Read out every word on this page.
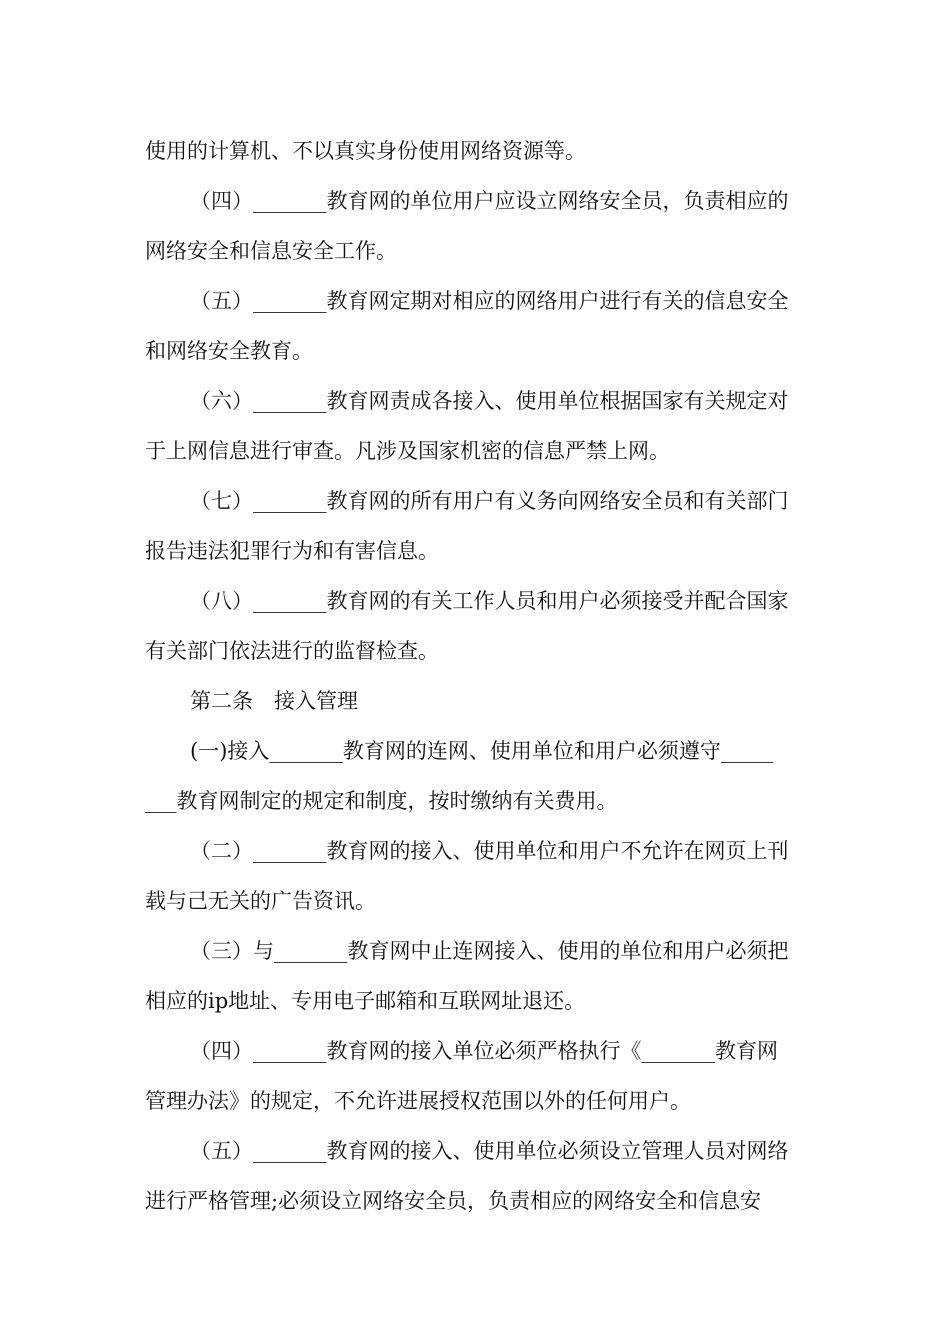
使用的计算机、不以真实身份使用网络资源等。
（四）_______教育网的单位用户应设立网络安全员，负责相应的
网络安全和信息安全工作。
（五）_______教育网定期对相应的网络用户进行有关的信息安全
和网络安全教育。
（六）_______教育网责成各接入、使用单位根据国家有关规定对
于上网信息进行审查。凡涉及国家机密的信息严禁上网。
（七）_______教育网的所有用户有义务向网络安全员和有关部门
报告违法犯罪行为和有害信息。
（八）_______教育网的有关工作人员和用户必须接受并配合国家
有关部门依法进行的监督检查。
第二条　接入管理
(一)接入_______教育网的连网、使用单位和用户必须遵守_____
___教育网制定的规定和制度，按时缴纳有关费用。
（二）_______教育网的接入、使用单位和用户不允许在网页上刊
载与己无关的广告资讯。
（三）与_______教育网中止连网接入、使用的单位和用户必须把
相应的ip地址、专用电子邮箱和互联网址退还。
（四）_______教育网的接入单位必须严格执行《_______教育网
管理办法》的规定，不允许进展授权范围以外的任何用户。
（五）_______教育网的接入、使用单位必须设立管理人员对网络
进行严格管理;必须设立网络安全员，负责相应的网络安全和信息安
